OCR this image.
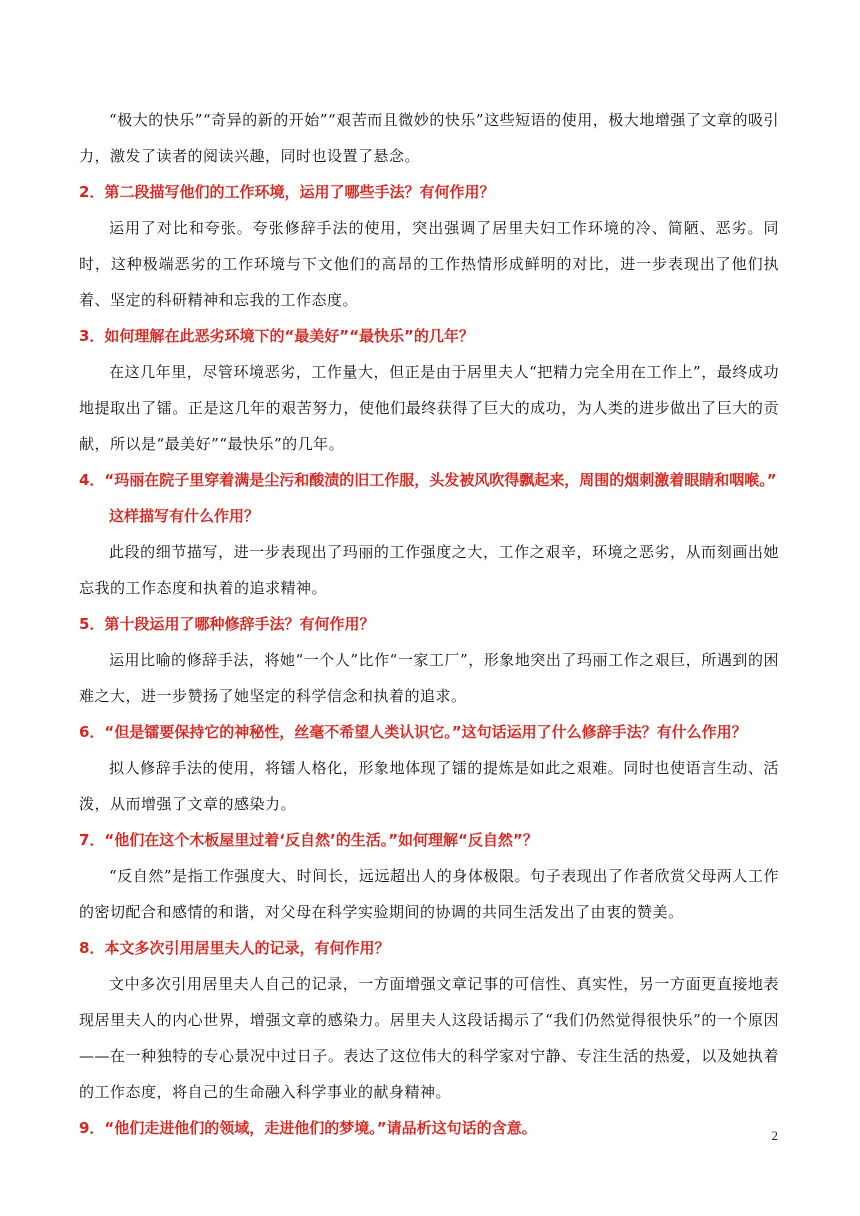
“极大的快乐”“奇异的新的开始”“艰苦而且微妙的快乐”这些短语的使用，极大地增强了文章的吸引力，激发了读者的阅读兴趣，同时也设置了悬念。

2．第二段描写他们的工作环境，运用了哪些手法？有何作用？

运用了对比和夸张。夸张修辞手法的使用，突出强调了居里夫妇工作环境的冷、简陋、恶劣。同时，这种极端恶劣的工作环境与下文他们的高昂的工作热情形成鲜明的对比，进一步表现出了他们执着、坚定的科研精神和忘我的工作态度。

3．如何理解在此恶劣环境下的“最美好”“最快乐”的几年？

在这几年里，尽管环境恶劣，工作量大，但正是由于居里夫人“把精力完全用在工作上”，最终成功地提取出了镭。正是这几年的艰苦努力，使他们最终获得了巨大的成功，为人类的进步做出了巨大的贡献，所以是“最美好”“最快乐”的几年。

4．“玛丽在院子里穿着满是尘污和酸渍的旧工作服，头发被风吹得飘起来，周围的烟刺激着眼睛和咽喉。”
这样描写有什么作用？

此段的细节描写，进一步表现出了玛丽的工作强度之大，工作之艰辛，环境之恶劣，从而刻画出她忘我的工作态度和执着的追求精神。

5．第十段运用了哪种修辞手法？有何作用？

运用比喻的修辞手法，将她“一个人”比作“一家工厂”，形象地突出了玛丽工作之艰巨，所遇到的困难之大，进一步赞扬了她坚定的科学信念和执着的追求。

6．“但是镭要保持它的神秘性，丝毫不希望人类认识它。”这句话运用了什么修辞手法？有什么作用？

拟人修辞手法的使用，将镭人格化，形象地体现了镭的提炼是如此之艰难。同时也使语言生动、活泼，从而增强了文章的感染力。

7．“他们在这个木板屋里过着‘反自然’的生活。”如何理解“反自然”？

“反自然”是指工作强度大、时间长，远远超出人的身体极限。句子表现出了作者欣赏父母两人工作的密切配合和感情的和谐，对父母在科学实验期间的协调的共同生活发出了由衷的赞美。

8．本文多次引用居里夫人的记录，有何作用？

文中多次引用居里夫人自己的记录，一方面增强文章记事的可信性、真实性，另一方面更直接地表现居里夫人的内心世界，增强文章的感染力。居里夫人这段话揭示了“我们仍然觉得很快乐”的一个原因——在一种独特的专心景况中过日子。表达了这位伟大的科学家对宁静、专注生活的热爱，以及她执着的工作态度，将自己的生命融入科学事业的献身精神。

9．“他们走进他们的领域，走进他们的梦境。”请品析这句话的含意。	2
